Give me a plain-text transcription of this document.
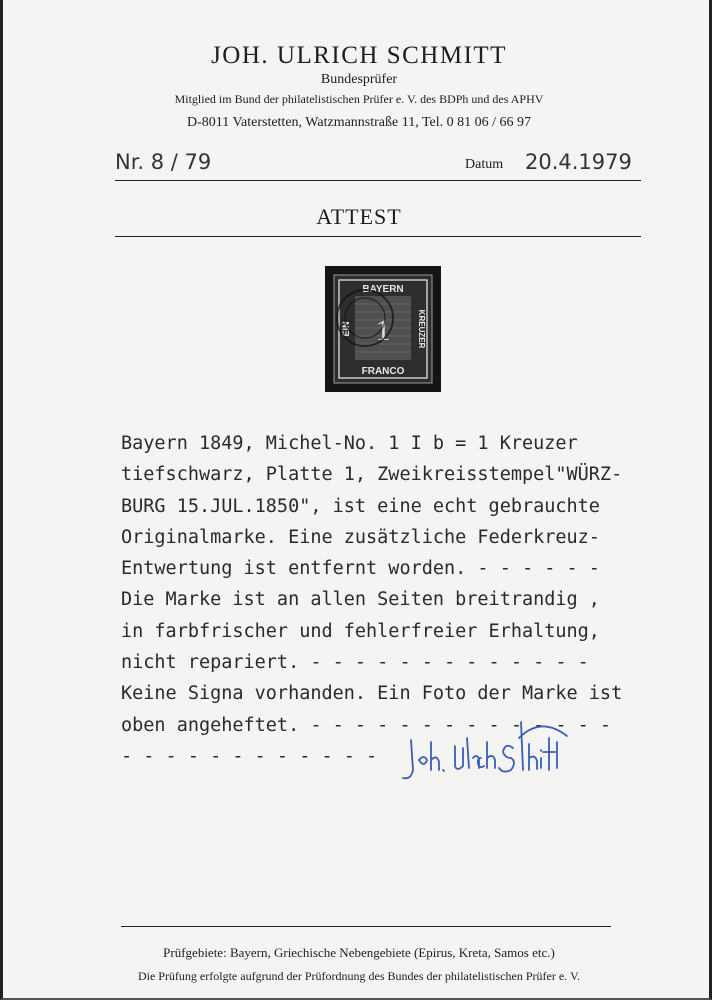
JOH. ULRICH SCHMITT
Bundesprüfer
Mitglied im Bund der philatelistischen Prüfer e. V. des BDPh und des APHV
D-8011 Vaterstetten, Watzmannstraße 11, Tel. 0 81 06 / 66 97
Nr. 8 / 79	Datum 20.4.1979
ATTEST
1
BAYERN
FRANCO
EIN	KREUZER
Bayern 1849, Michel-No. 1 I b = 1 Kreuzer
tiefschwarz, Platte 1, Zweikreisstempel"WÜRZ-
BURG 15.JUL.1850", ist eine echt gebrauchte
Originalmarke. Eine zusätzliche Federkreuz-
Entwertung ist entfernt worden. - - - - - -
Die Marke ist an allen Seiten breitrandig ,
in farbfrischer und fehlerfreier Erhaltung,
nicht repariert. - - - - - - - - - - - - -
Keine Signa vorhanden. Ein Foto der Marke ist
oben angeheftet. - - - - - - - - - - - - - -
- - - - - - - - - - - -
Prüfgebiete: Bayern, Griechische Nebengebiete (Epirus, Kreta, Samos etc.)
Die Prüfung erfolgte aufgrund der Prüfordnung des Bundes der philatelistischen Prüfer e. V.
